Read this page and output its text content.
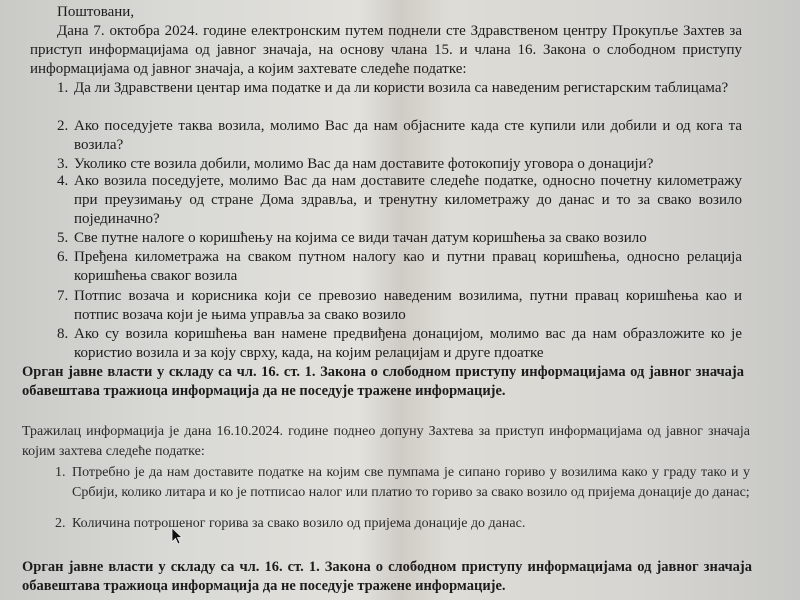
Поштовани,
Дана 7. октобра 2024. године електронским путем поднели сте Здравственом центру Прокупље Захтев за приступ информацијама од јавног значаја, на основу члана 15. и члана 16. Закона о слободном приступу информацијама од јавног значаја, а којим захтевате следеће податке:
1. Да ли Здравствени центар има податке и да ли користи возила са наведеним регистарским таблицама?
2. Ако поседујете таква возила, молимо Вас да нам објасните када сте купили или добили и од кога та возила?
3. Уколико сте возила добили, молимо Вас да нам доставите фотокопију уговора о донацији?
4. Ако возила поседујете, молимо Вас да нам доставите следеће податке, односно почетну километражу при преузимању од стране Дома здравља, и тренутну километражу до данас и то за свако возило појединачно?
5. Све путне налоге о коришћењу на којима се види тачан датум коришћења за свако возило
6. Пређена километража на сваком путном налогу као и путни правац коришћења, односно релација коришћења сваког возила
7. Потпис возача и корисника који се превозио наведеним возилима, путни правац коришћења као и потпис возача који је њима управља за свако возило
8. Ако су возила коришћења ван намене предвиђена донацијом, молимо вас да нам образложите ко је користио возила и за коју сврху, када, на којим релацијам и друге пдоатке
Орган јавне власти у складу са чл. 16. ст. 1. Закона о слободном приступу информацијама од јавног значаја обавештава тражиоца информација да не поседује тражене информације.
Тражилац информација је дана 16.10.2024. године поднео допуну Захтева за приступ информацијама од јавног значаја којим захтева следеће податке:
1. Потребно је да нам доставите податке на којим све пумпама је сипано гориво у возилима како у граду тако и у Србији, колико литара и ко је потписао налог или платио то гориво за свако возило од пријема донације до данас;
2. Количина потрошеног горива за свако возило од пријема донације до данас.
Орган јавне власти у складу са чл. 16. ст. 1. Закона о слободном приступу информацијама од јавног значаја обавештава тражиоца информација да не поседује тражене информације.
